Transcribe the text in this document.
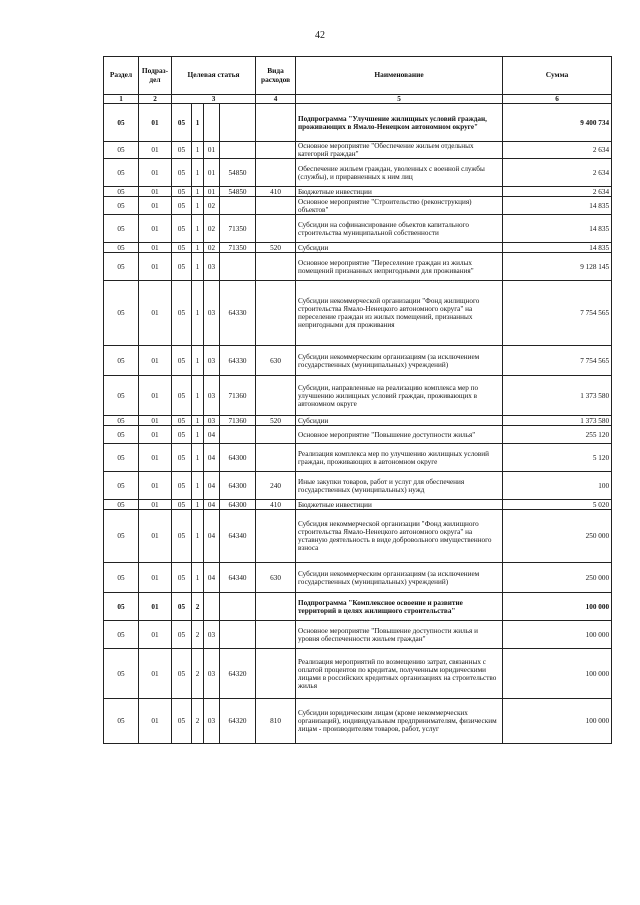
42
Раздел	Подраз-дел	Целевая статья				Вида расходов	Наименование	Сумма
1	2	3				4	5	6
05	01	05	1				Подпрограмма "Улучшение жилищных условий граждан, проживающих в Ямало-Ненецком автономном округе"	9 400 734
05	01	05	1	01			Основное мероприятие "Обеспечение жильем отдельных категорий граждан"	2 634
05	01	05	1	01	54850		Обеспечение жильем граждан, уволенных с военной службы (службы), и приравненных к ним лиц	2 634
05	01	05	1	01	54850	410	Бюджетные инвестиции	2 634
05	01	05	1	02			Основное мероприятие "Строительство (реконструкция) объектов"	14 835
05	01	05	1	02	71350		Субсидии на софинансирование объектов капитального строительства муниципальной собственности	14 835
05	01	05	1	02	71350	520	Субсидии	14 835
05	01	05	1	03			Основное мероприятие "Переселение граждан из жилых помещений признанных непригодными для проживания"	9 128 145
05	01	05	1	03	64330		Субсидии некоммерческой организации "Фонд жилищного строительства Ямало-Ненецкого автономного округа" на переселение граждан из жилых помещений, признанных непригодными для проживания	7 754 565
05	01	05	1	03	64330	630	Субсидии некоммерческим организациям (за исключением государственных (муниципальных) учреждений)	7 754 565
05	01	05	1	03	71360		Субсидии, направленные на реализацию комплекса мер по улучшению жилищных условий граждан, проживающих в автономном округе	1 373 580
05	01	05	1	03	71360	520	Субсидии	1 373 580
05	01	05	1	04			Основное мероприятие "Повышение доступности жилья"	255 120
05	01	05	1	04	64300		Реализация комплекса мер по улучшению жилищных условий граждан, проживающих в автономном округе	5 120
05	01	05	1	04	64300	240	Иные закупки товаров, работ и услуг для обеспечения государственных (муниципальных) нужд	100
05	01	05	1	04	64300	410	Бюджетные инвестиции	5 020
05	01	05	1	04	64340		Субсидия некоммерческой организации "Фонд жилищного строительства Ямало-Ненецкого автономного округа" на уставную деятельность в виде добровольного имущественного взноса	250 000
05	01	05	1	04	64340	630	Субсидии некоммерческим организациям (за исключением государственных (муниципальных) учреждений)	250 000
05	01	05	2				Подпрограмма "Комплексное освоение и развитие территорий в целях жилищного строительства"	100 000
05	01	05	2	03			Основное мероприятие "Повышение доступности жилья и уровня обеспеченности жильем граждан"	100 000
05	01	05	2	03	64320		Реализация мероприятий по возмещению затрат, связанных с оплатой процентов по кредитам, полученным юридическими лицами в российских кредитных организациях на строительство жилья	100 000
05	01	05	2	03	64320	810	Субсидии юридическим лицам (кроме некоммерческих организаций), индивидуальным предпринимателям, физическим лицам - производителям товаров, работ, услуг	100 000
